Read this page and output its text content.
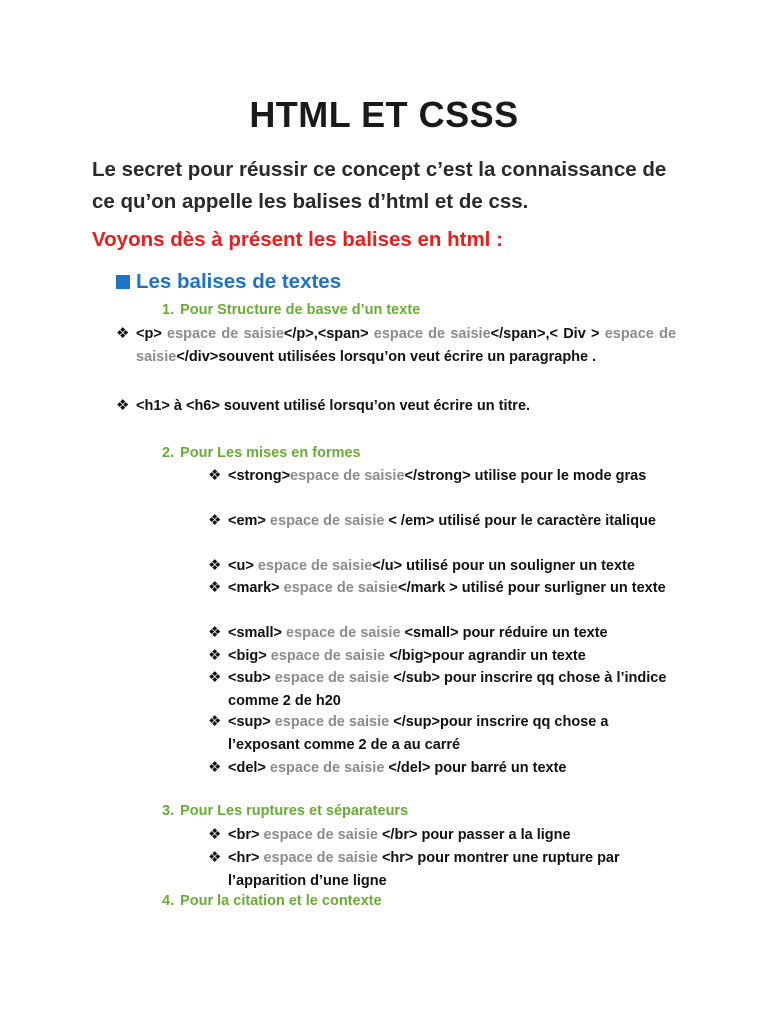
HTML ET CSSS
Le secret pour réussir ce concept c’est la connaissance de ce qu’on appelle les balises d’html et de css.
Voyons dès à présent les balises en html :
Les balises de textes
1. Pour Structure de basve d’un texte
❖ <p> espace de saisie</p>,<span> espace de saisie</span>,< Div > espace de saisie</div>souvent utilisées lorsqu’on veut écrire un paragraphe .
❖ <h1> à <h6> souvent utilisé lorsqu’on veut écrire un titre.
2. Pour Les mises en formes
❖ <strong>espace de saisie</strong> utilise pour le mode gras
❖ <em> espace de saisie < /em> utilisé pour le caractère italique
❖ <u> espace de saisie</u> utilisé pour un souligner un texte
❖ <mark> espace de saisie</mark > utilisé pour surligner un texte
❖ <small> espace de saisie <small> pour réduire un texte
❖ <big> espace de saisie </big>pour agrandir un texte
❖ <sub> espace de saisie </sub> pour inscrire qq chose à l’indice comme 2 de h20
❖ <sup> espace de saisie </sup>pour inscrire qq chose a l’exposant comme 2 de a au carré
❖ <del> espace de saisie </del> pour barré un texte
3. Pour Les ruptures et séparateurs
❖ <br> espace de saisie </br> pour passer a la ligne
❖ <hr> espace de saisie <hr> pour montrer une rupture par l’apparition d’une ligne
4. Pour la citation et le contexte
